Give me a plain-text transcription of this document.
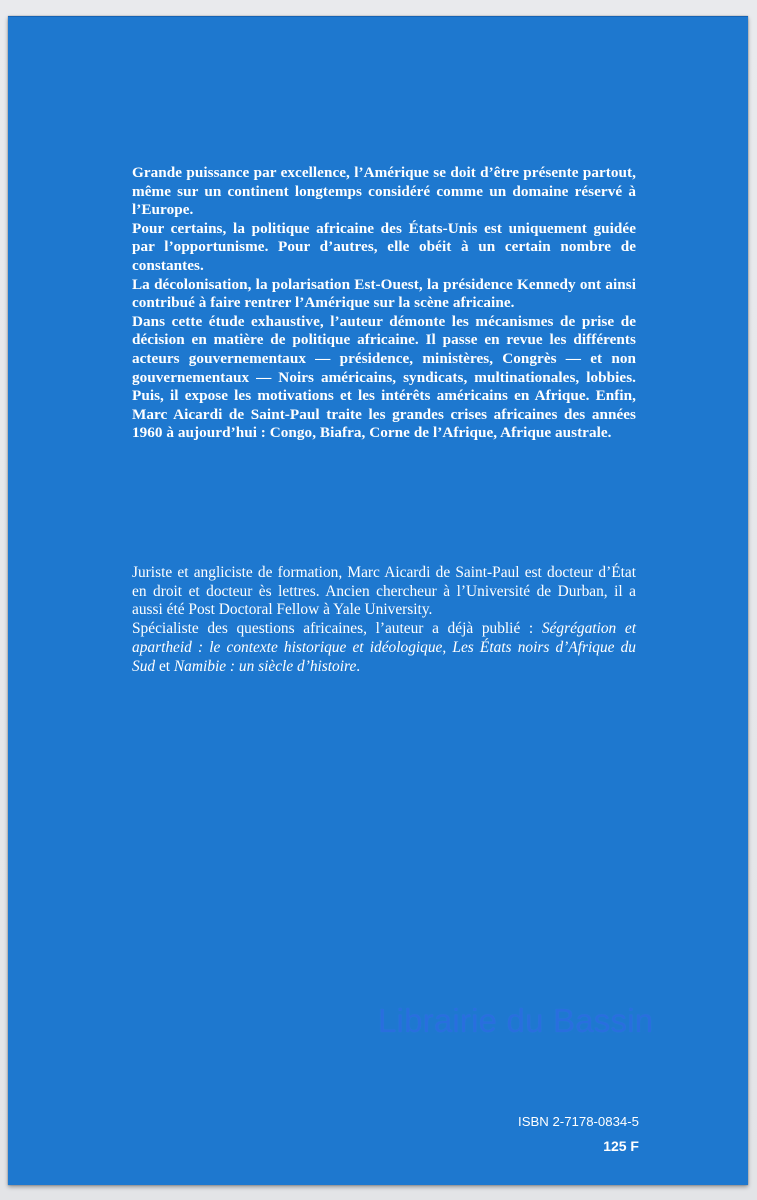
Grande puissance par excellence, l’Amérique se doit d’être présente partout, même sur un continent longtemps considéré comme un domaine réservé à l’Europe.

Pour certains, la politique africaine des États-Unis est uniquement guidée par l’opportunisme. Pour d’autres, elle obéit à un certain nombre de constantes.

La décolonisation, la polarisation Est-Ouest, la présidence Kennedy ont ainsi contribué à faire rentrer l’Amérique sur la scène africaine.

Dans cette étude exhaustive, l’auteur démonte les mécanismes de prise de décision en matière de politique africaine. Il passe en revue les différents acteurs gouvernementaux — présidence, ministères, Congrès — et non gouvernementaux — Noirs américains, syndicats, multinationales, lobbies. Puis, il expose les motivations et les intérêts américains en Afrique. Enfin, Marc Aicardi de Saint-Paul traite les grandes crises africaines des années 1960 à aujourd’hui : Congo, Biafra, Corne de l’Afrique, Afrique australe.

Juriste et angliciste de formation, Marc Aicardi de Saint-Paul est docteur d’État en droit et docteur ès lettres. Ancien chercheur à l’Université de Durban, il a aussi été Post Doctoral Fellow à Yale University.

Spécialiste des questions africaines, l’auteur a déjà publié : Ségrégation et apartheid : le contexte historique et idéologique, Les États noirs d’Afrique du Sud et Namibie : un siècle d’histoire.

Librairie du Bassin
ISBN 2-7178-0834-5
125 F
